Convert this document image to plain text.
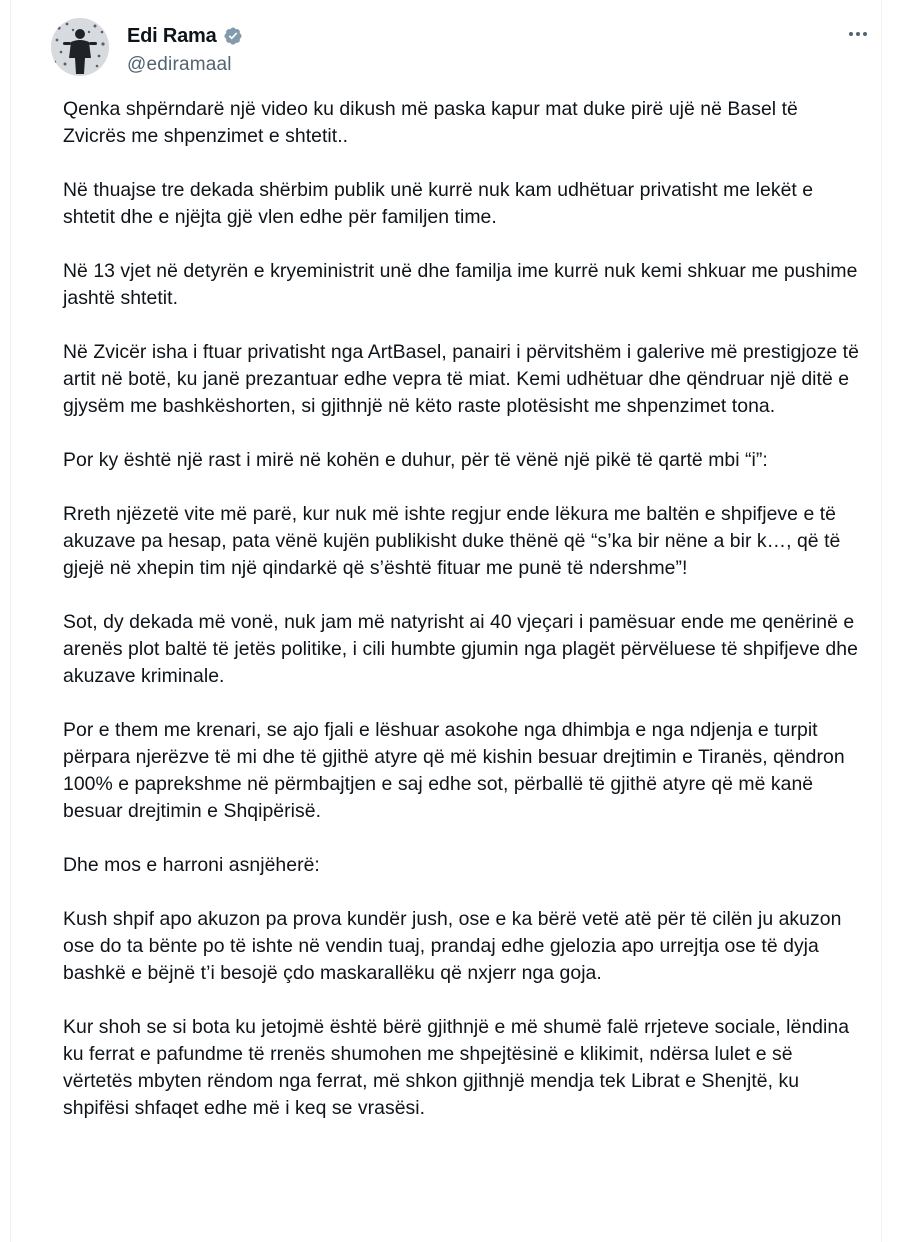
Edi Rama
@ediramaal

Qenka shpërndarë një video ku dikush më paska kapur mat duke pirë ujë në Basel të Zvicrës me shpenzimet e shtetit..

Në thuajse tre dekada shërbim publik unë kurrë nuk kam udhëtuar privatisht me lekët e shtetit dhe e njëjta gjë vlen edhe për familjen time.

Në 13 vjet në detyrën e kryeministrit unë dhe familja ime kurrë nuk kemi shkuar me pushime jashtë shtetit.

Në Zvicër isha i ftuar privatisht nga ArtBasel, panairi i përvitshëm i galerive më prestigjoze të artit në botë, ku janë prezantuar edhe vepra të miat. Kemi udhëtuar dhe qëndruar një ditë e gjysëm me bashkëshorten, si gjithnjë në këto raste plotësisht me shpenzimet tona.

Por ky është një rast i mirë në kohën e duhur, për të vënë një pikë të qartë mbi “i”:

Rreth njëzetë vite më parë, kur nuk më ishte regjur ende lëkura me baltën e shpifjeve e të akuzave pa hesap, pata vënë kujën publikisht duke thënë që “s’ka bir nëne a bir k…, që të gjejë në xhepin tim një qindarkë që s’është fituar me punë të ndershme”!

Sot, dy dekada më vonë, nuk jam më natyrisht ai 40 vjeçari i pamësuar ende me qenërinë e arenës plot baltë të jetës politike, i cili humbte gjumin nga plagët përvëluese të shpifjeve dhe akuzave kriminale.

Por e them me krenari, se ajo fjali e lëshuar asokohe nga dhimbja e nga ndjenja e turpit përpara njerëzve të mi dhe të gjithë atyre që më kishin besuar drejtimin e Tiranës, qëndron 100% e paprekshme në përmbajtjen e saj edhe sot, përballë të gjithë atyre që më kanë besuar drejtimin e Shqipërisë.

Dhe mos e harroni asnjëherë:

Kush shpif apo akuzon pa prova kundër jush, ose e ka bërë vetë atë për të cilën ju akuzon ose do ta bënte po të ishte në vendin tuaj, prandaj edhe gjelozia apo urrejtja ose të dyja bashkë e bëjnë t’i besojë çdo maskarallëku që nxjerr nga goja.

Kur shoh se si bota ku jetojmë është bërë gjithnjë e më shumë falë rrjeteve sociale, lëndina ku ferrat e pafundme të rrenës shumohen me shpejtësinë e klikimit, ndërsa lulet e së vërtetës mbyten rëndom nga ferrat, më shkon gjithnjë mendja tek Librat e Shenjtë, ku shpifësi shfaqet edhe më i keq se vrasësi.
